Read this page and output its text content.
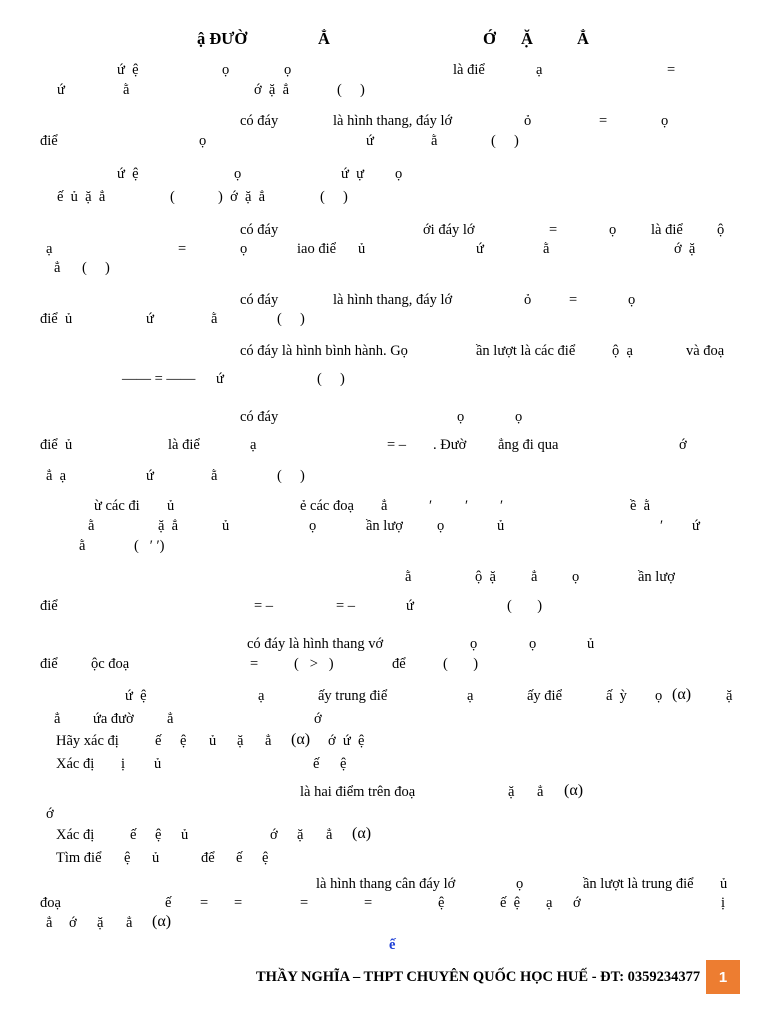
ậ ĐƯỜ	Ẳ	Ớ Ặ	Ẳ
ứ  ệ	ọ	ọ	là điể	ạ	=
ứ	ằ	ớ  ặ  ẳ	(     )
có đáy	là hình thang, đáy lớ	ỏ	=	ọ
điể	ọ	ứ	ằ	(     )
ứ  ệ	ọ	ứ  ự ọ
ế  ủ  ặ  ẳ	(	)  ớ  ặ  ẳ	(     )
có đáy	ới đáy lớ	=	ọ là điể ộ
ạ	=	ọ	iao điể ủ	ứ	ằ	ớ  ặ
ẳ (     )
có đáy	là hình thang, đáy lớ	ỏ	=	ọ
điể  ủ	ứ	ằ	(     )
có đáy là hình bình hành. Gọ	ần lượt là các điể	ộ  ạ	và đoạ
—— = —— ứ	(     )
có đáy	ọ	ọ
điể  ủ	là điể	ạ	= – . Đườ ẳng đi qua	ớ
ẳ  ạ	ứ	ằ	(     )
ừ các đi ủ	ẻ các đoạ ẳ	′ ′ ′	ề  ằ
ằ	ặ  ẳ	ủ	ọ	ần lượ ọ	ủ	′ ứ
ằ	(   ′ ′)
ằ	ộ  ặ ẳ ọ	ần lượ
điể	= –	= –	ứ	(       )
có đáy là hình thang vớ	ọ	ọ	ủ
điể ộc đoạ	= (   >   )	để	(       )
ứ  ệ	ạ	ấy trung điể	ạ	ấy điể	ấ  ỳ ọ (α) ặ
ẳ ứa đườ ẳ	ớ
Hãy xác đị ế ệ ủ ặ ẳ (α) ớ  ứ  ệ
Xác đị ị ủ	ế ệ
là hai điểm trên đoạ	ặ ẳ (α)
ớ
Xác đị ế ệ ủ	ớ ặ ẳ (α)
Tìm điể ệ ủ	để ế ệ
là hình thang cân đáy lớ	ọ	ần lượt là trung điể ủ
đoạ	ế = =	=	=	ệ	ế  ệ ạ ớ	ị
ẳ ớ ặ ẳ (α)
ế
THẦY NGHĨA – THPT CHUYÊN QUỐC HỌC HUẾ - ĐT: 0359234377	1
